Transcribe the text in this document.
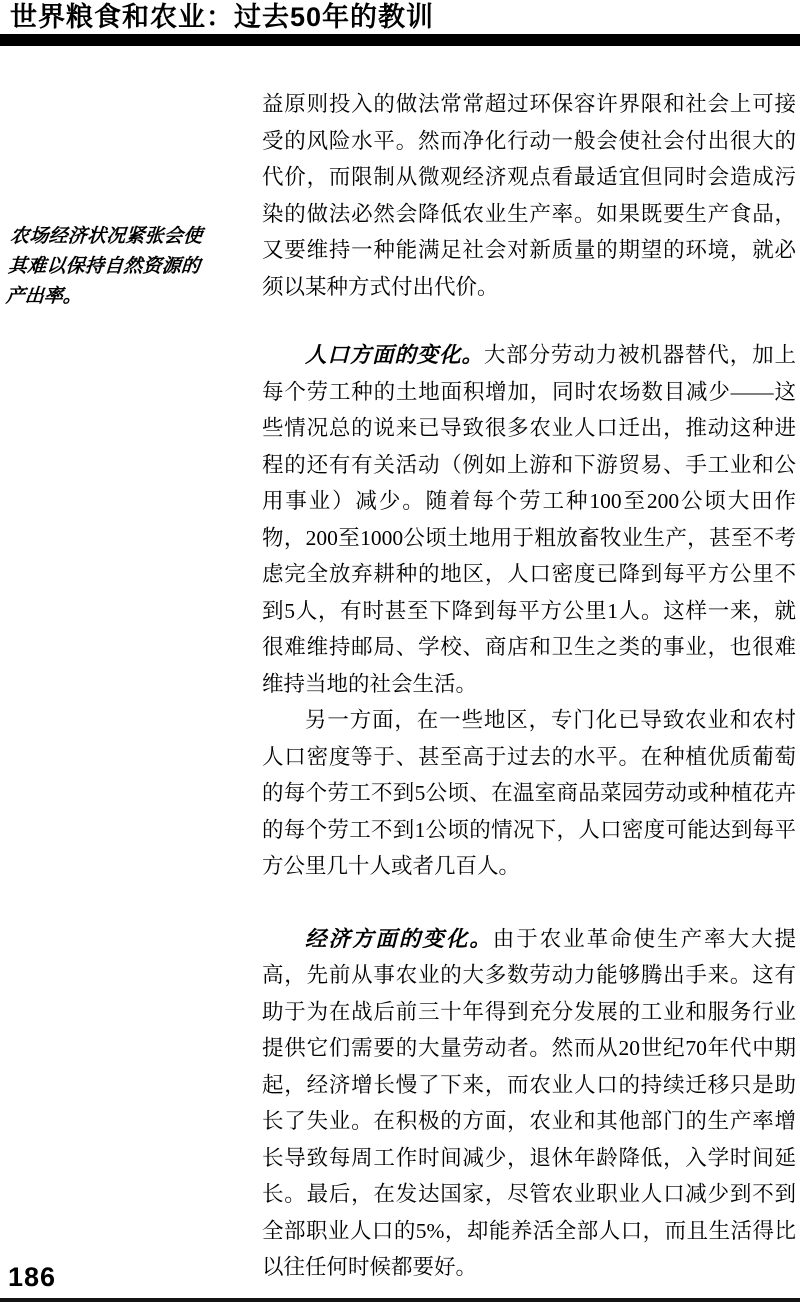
世界粮食和农业：过去50年的教训
农场经济状况紧张会使其难以保持自然资源的产出率。

益原则投入的做法常常超过环保容许界限和社会上可接受的风险水平。然而净化行动一般会使社会付出很大的代价，而限制从微观经济观点看最适宜但同时会造成污染的做法必然会降低农业生产率。如果既要生产食品，又要维持一种能满足社会对新质量的期望的环境，就必须以某种方式付出代价。

人口方面的变化。大部分劳动力被机器替代，加上每个劳工种的土地面积增加，同时农场数目减少——这些情况总的说来已导致很多农业人口迁出，推动这种进程的还有有关活动（例如上游和下游贸易、手工业和公用事业）减少。随着每个劳工种100至200公顷大田作物，200至1000公顷土地用于粗放畜牧业生产，甚至不考虑完全放弃耕种的地区，人口密度已降到每平方公里不到5人，有时甚至下降到每平方公里1人。这样一来，就很难维持邮局、学校、商店和卫生之类的事业，也很难维持当地的社会生活。

另一方面，在一些地区，专门化已导致农业和农村人口密度等于、甚至高于过去的水平。在种植优质葡萄的每个劳工不到5公顷、在温室商品菜园劳动或种植花卉的每个劳工不到1公顷的情况下，人口密度可能达到每平方公里几十人或者几百人。

经济方面的变化。由于农业革命使生产率大大提高，先前从事农业的大多数劳动力能够腾出手来。这有助于为在战后前三十年得到充分发展的工业和服务行业提供它们需要的大量劳动者。然而从20世纪70年代中期起，经济增长慢了下来，而农业人口的持续迁移只是助长了失业。在积极的方面，农业和其他部门的生产率增长导致每周工作时间减少，退休年龄降低，入学时间延长。最后，在发达国家，尽管农业职业人口减少到不到全部职业人口的5%，却能养活全部人口，而且生活得比以往任何时候都要好。

186
